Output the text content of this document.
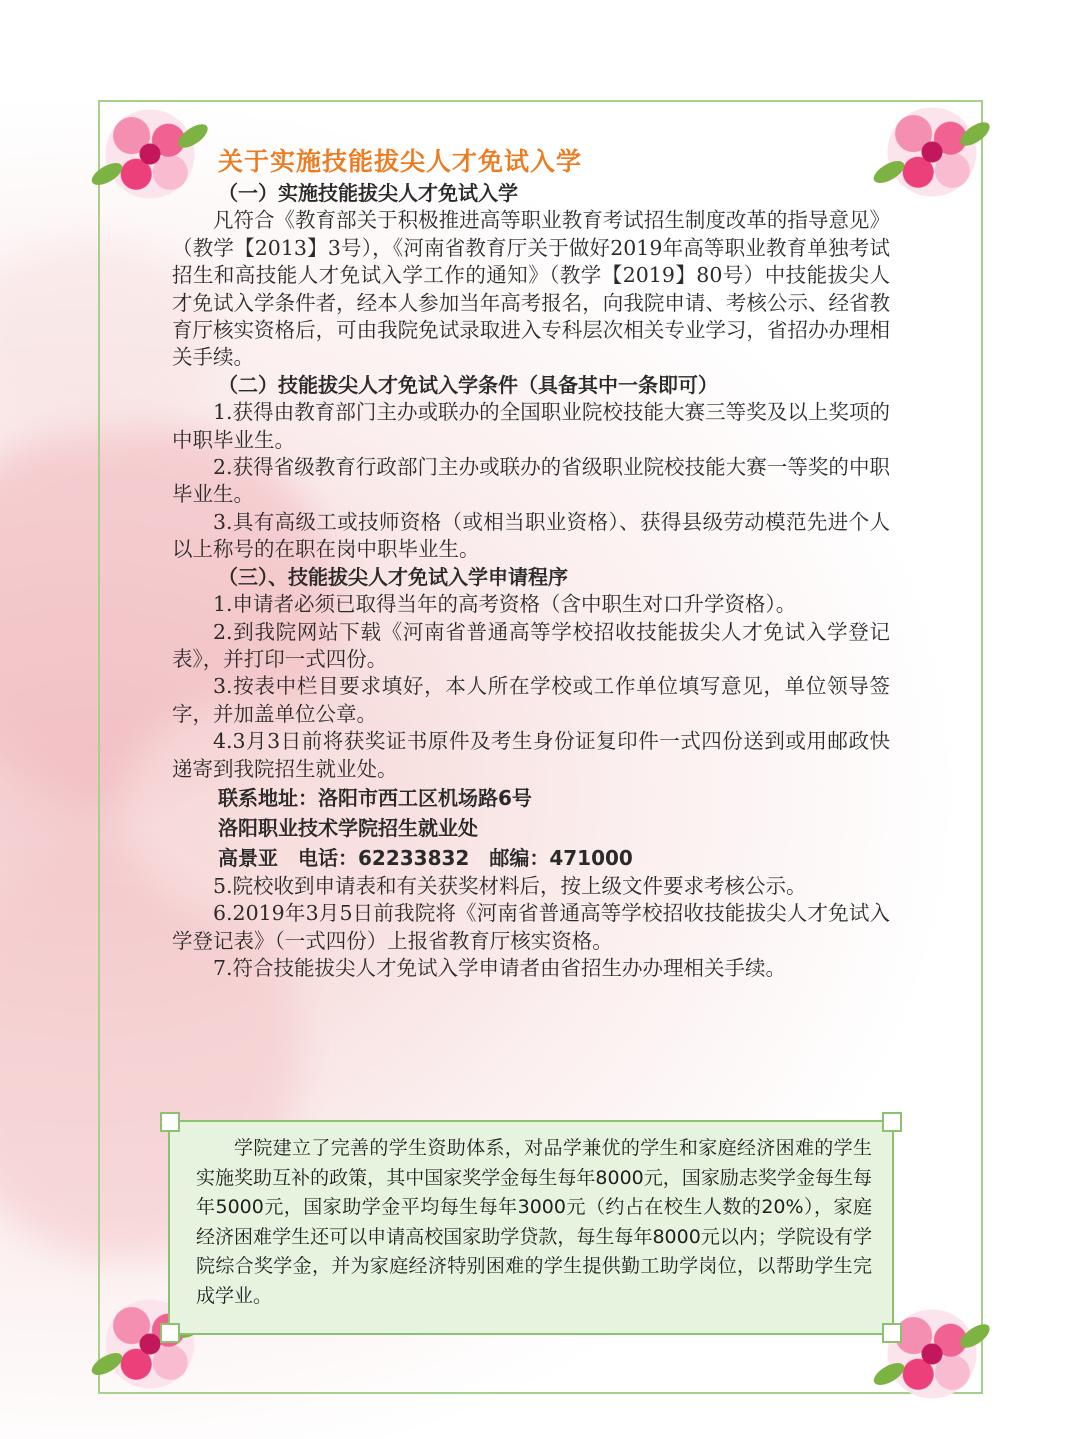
关于实施技能拔尖人才免试入学

（一）实施技能拔尖人才免试入学

凡符合《教育部关于积极推进高等职业教育考试招生制度改革的指导意见》（教学【2013】3号），《河南省教育厅关于做好2019年高等职业教育单独考试招生和高技能人才免试入学工作的通知》（教学【2019】80号）中技能拔尖人才免试入学条件者，经本人参加当年高考报名，向我院申请、考核公示、经省教育厅核实资格后，可由我院免试录取进入专科层次相关专业学习，省招办办理相关手续。

（二）技能拔尖人才免试入学条件（具备其中一条即可）

1.获得由教育部门主办或联办的全国职业院校技能大赛三等奖及以上奖项的中职毕业生。

2.获得省级教育行政部门主办或联办的省级职业院校技能大赛一等奖的中职毕业生。

3.具有高级工或技师资格（或相当职业资格）、获得县级劳动模范先进个人以上称号的在职在岗中职毕业生。

（三）、技能拔尖人才免试入学申请程序

1.申请者必须已取得当年的高考资格（含中职生对口升学资格）。

2.到我院网站下载《河南省普通高等学校招收技能拔尖人才免试入学登记表》，并打印一式四份。

3.按表中栏目要求填好，本人所在学校或工作单位填写意见，单位领导签字，并加盖单位公章。

4.3月3日前将获奖证书原件及考生身份证复印件一式四份送到或用邮政快递寄到我院招生就业处。

联系地址：洛阳市西工区机场路6号

洛阳职业技术学院招生就业处

高景亚　电话：62233832　邮编：471000

5.院校收到申请表和有关获奖材料后，按上级文件要求考核公示。

6.2019年3月5日前我院将《河南省普通高等学校招收技能拔尖人才免试入学登记表》（一式四份）上报省教育厅核实资格。

7.符合技能拔尖人才免试入学申请者由省招生办办理相关手续。

学院建立了完善的学生资助体系，对品学兼优的学生和家庭经济困难的学生实施奖助互补的政策，其中国家奖学金每生每年8000元，国家励志奖学金每生每年5000元，国家助学金平均每生每年3000元（约占在校生人数的20%），家庭经济困难学生还可以申请高校国家助学贷款，每生每年8000元以内；学院设有学院综合奖学金，并为家庭经济特别困难的学生提供勤工助学岗位，以帮助学生完成学业。
